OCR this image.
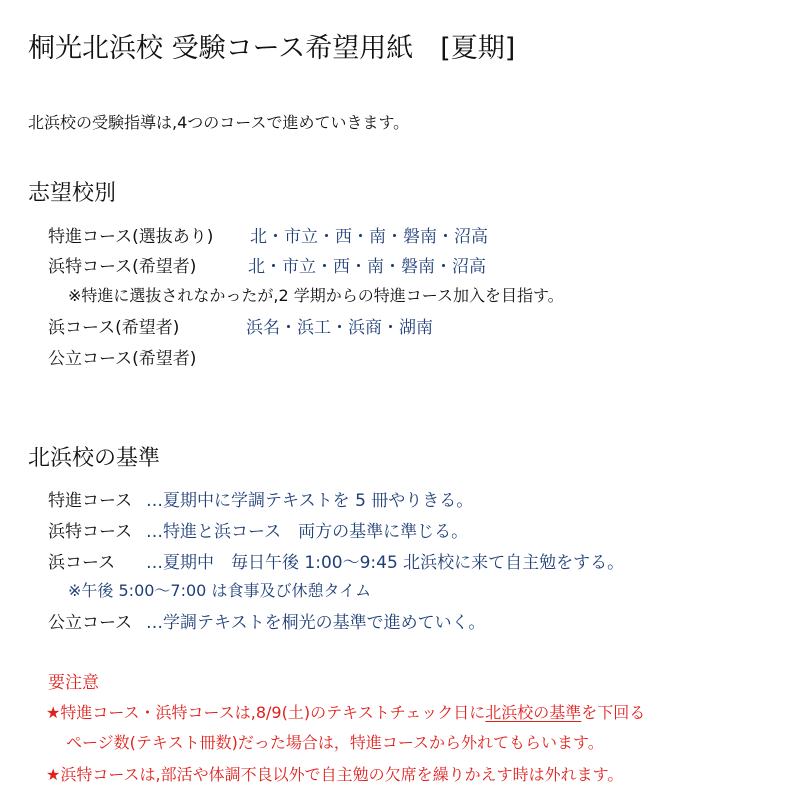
桐光北浜校 受験コース希望用紙　[夏期]
北浜校の受験指導は,4つのコースで進めていきます。
志望校別
特進コース(選抜あり) 北・市立・西・南・磐南・沼高
浜特コース(希望者)	北・市立・西・南・磐南・沼高
※特進に選抜されなかったが,2 学期からの特進コース加入を目指す。
浜コース(希望者)	浜名・浜工・浜商・湖南
公立コース(希望者)
北浜校の基準
特進コース …夏期中に学調テキストを 5 冊やりきる。
浜特コース …特進と浜コース　両方の基準に準じる。
浜コース …夏期中　毎日午後 1:00〜9:45 北浜校に来て自主勉をする。
※午後 5:00〜7:00 は食事及び休憩タイム
公立コース …学調テキストを桐光の基準で進めていく。
要注意
★特進コース・浜特コースは,8/9(土)のテキストチェック日に北浜校の基準を下回る
ページ数(テキスト冊数)だった場合は，特進コースから外れてもらいます。
★浜特コースは,部活や体調不良以外で自主勉の欠席を繰りかえす時は外れます。
